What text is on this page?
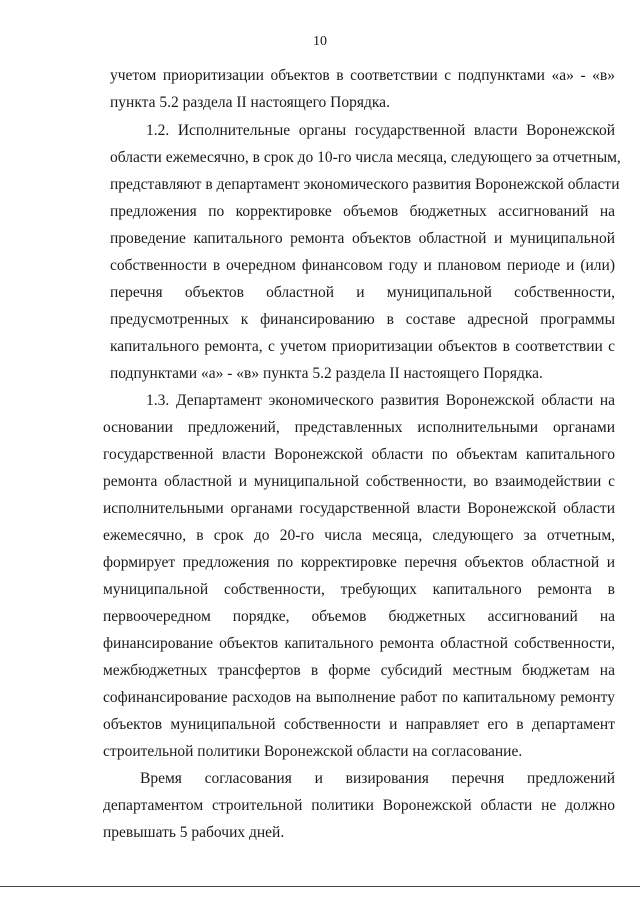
10
учетом приоритизации объектов в соответствии с подпунктами «а» - «в»
пункта 5.2 раздела II настоящего Порядка.
1.2. Исполнительные органы государственной власти Воронежской
области ежемесячно, в срок до 10-го числа месяца, следующего за отчетным,
представляют в департамент экономического развития Воронежской области
предложения по корректировке объемов бюджетных ассигнований на
проведение капитального ремонта объектов областной и муниципальной
собственности в очередном финансовом году и плановом периоде и (или)
перечня объектов областной и муниципальной собственности,
предусмотренных к финансированию в составе адресной программы
капитального ремонта, с учетом приоритизации объектов в соответствии с
подпунктами «а» - «в» пункта 5.2 раздела II настоящего Порядка.
1.3. Департамент экономического развития Воронежской области на
основании предложений, представленных исполнительными органами
государственной власти Воронежской области по объектам капитального
ремонта областной и муниципальной собственности, во взаимодействии с
исполнительными органами государственной власти Воронежской области
ежемесячно, в срок до 20-го числа месяца, следующего за отчетным,
формирует предложения по корректировке перечня объектов областной и
муниципальной собственности, требующих капитального ремонта в
первоочередном порядке, объемов бюджетных ассигнований на
финансирование объектов капитального ремонта областной собственности,
межбюджетных трансфертов в форме субсидий местным бюджетам на
софинансирование расходов на выполнение работ по капитальному ремонту
объектов муниципальной собственности и направляет его в департамент
строительной политики Воронежской области на согласование.
Время согласования и визирования перечня предложений
департаментом строительной политики Воронежской области не должно
превышать 5 рабочих дней.
